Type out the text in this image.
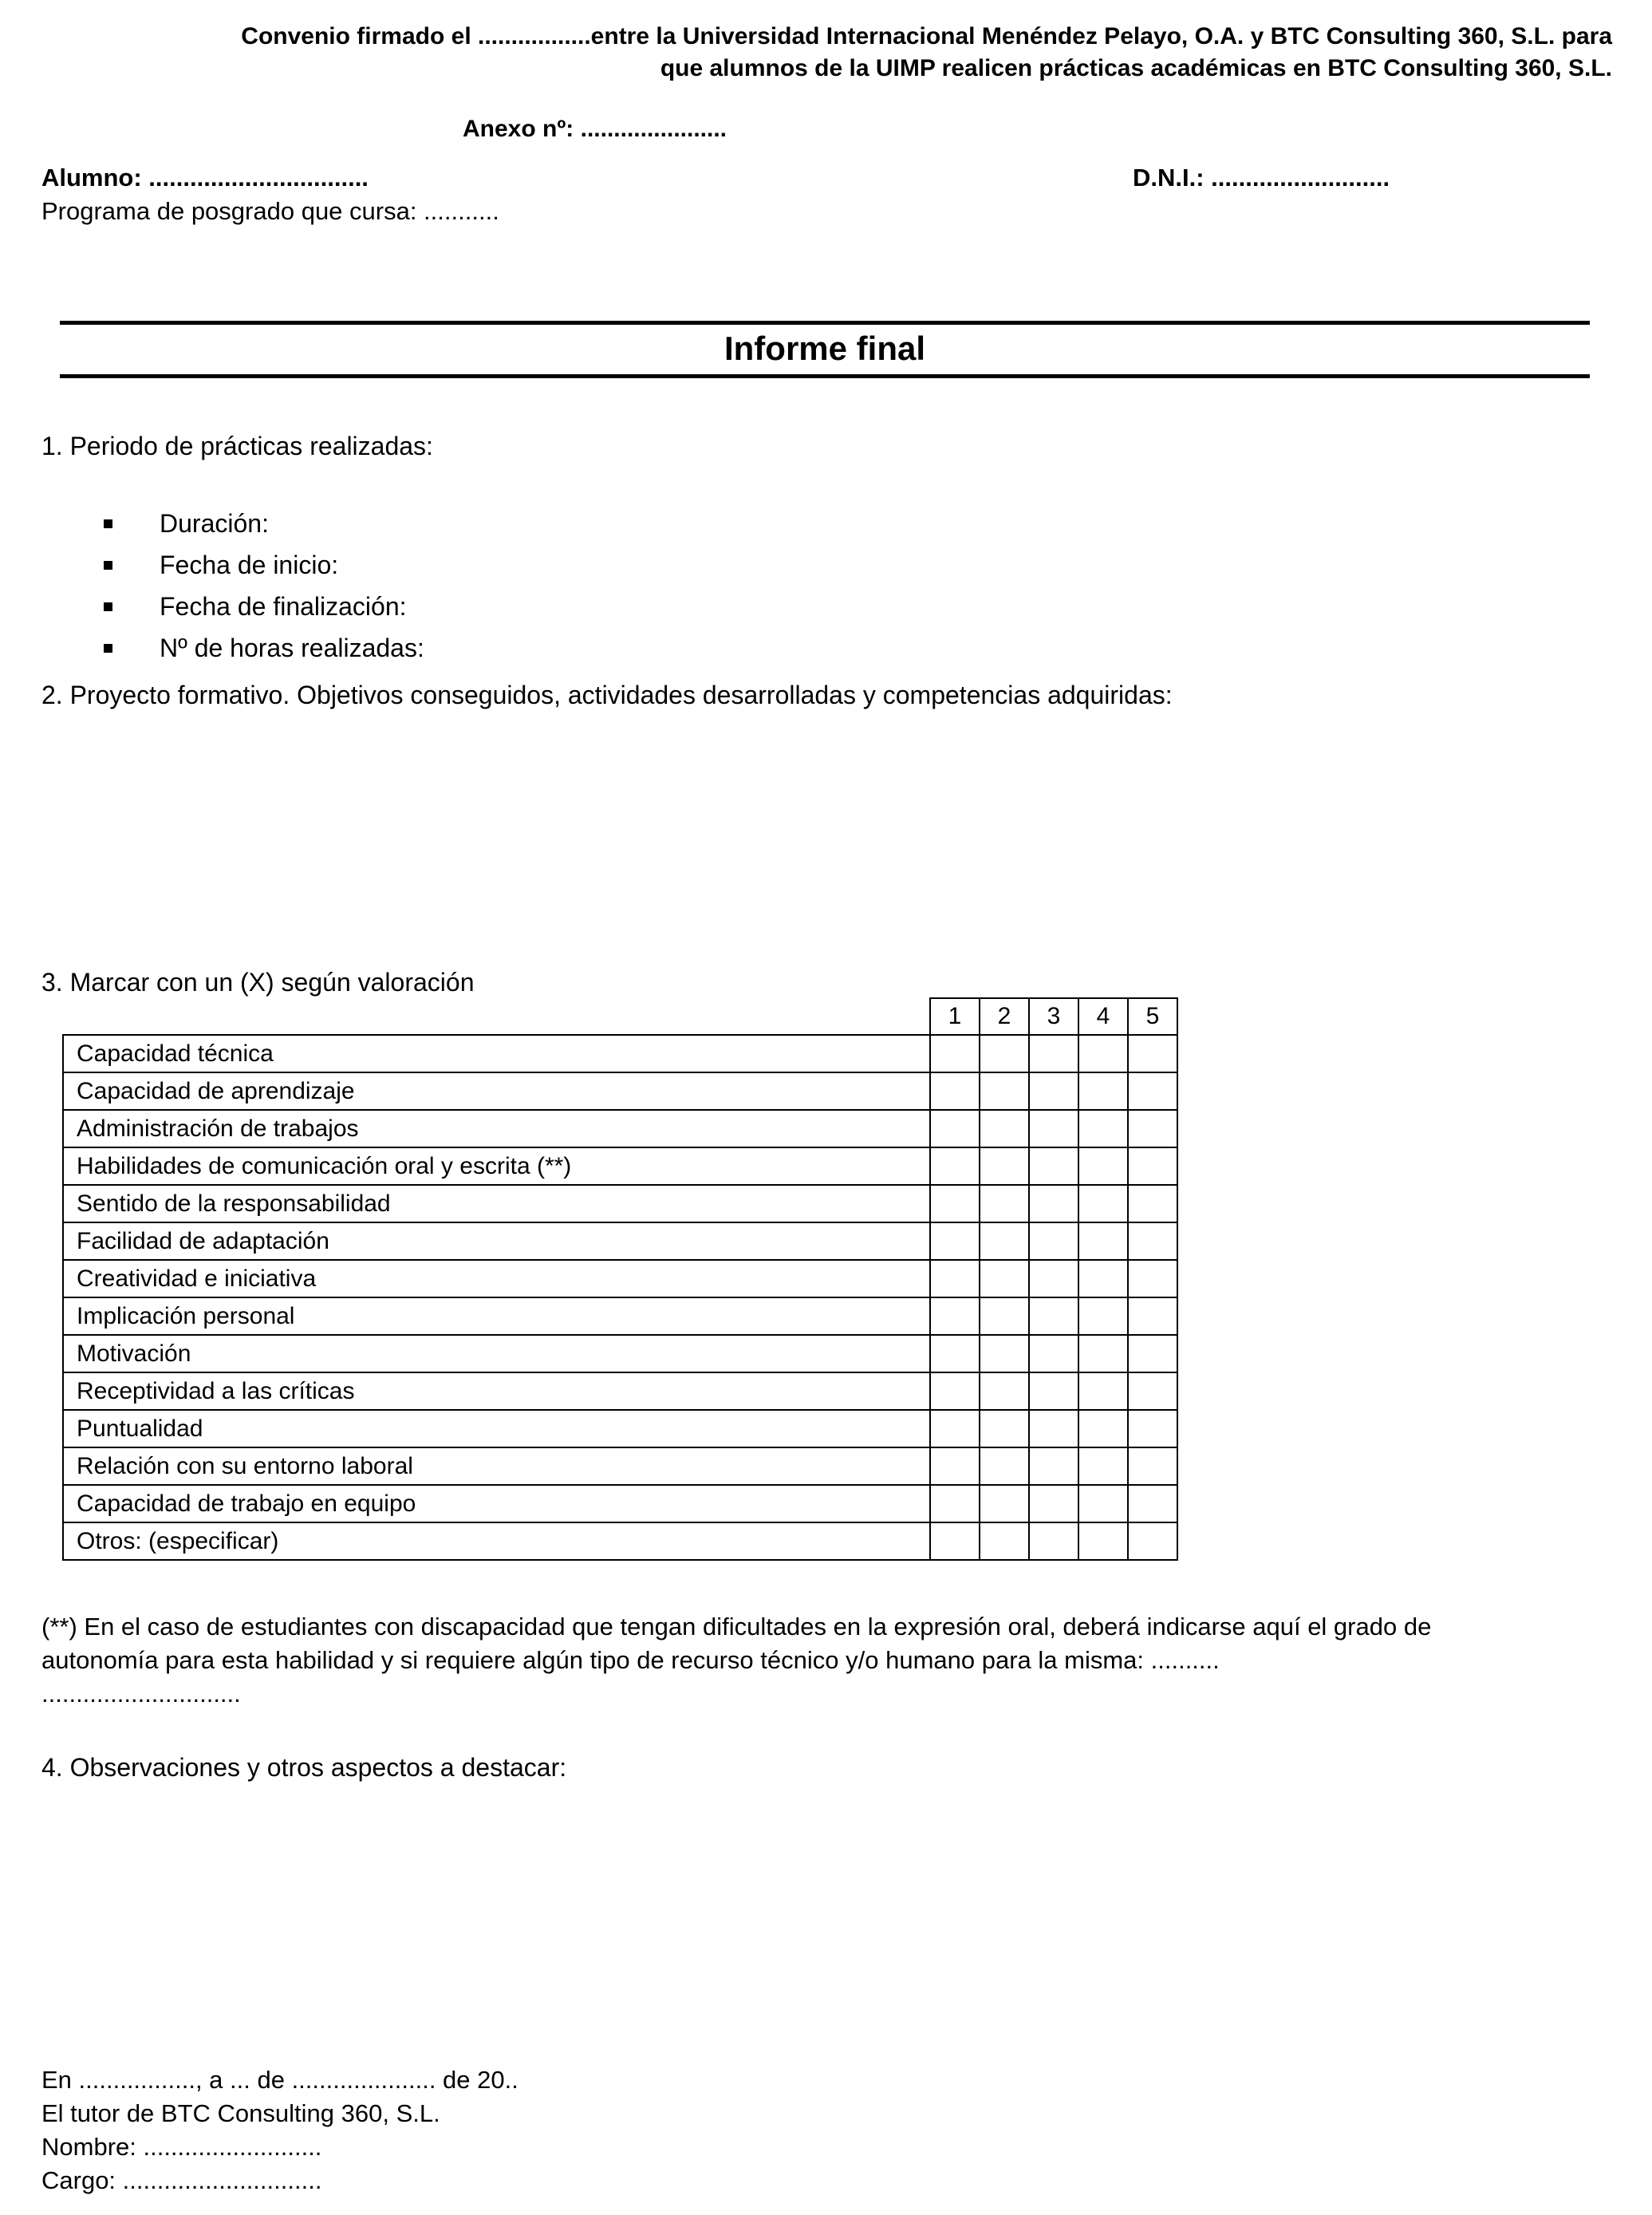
Convenio firmado el .................entre la Universidad Internacional Menéndez Pelayo, O.A. y BTC Consulting 360, S.L. para
que alumnos de la UIMP realicen prácticas académicas en BTC Consulting 360, S.L.
Anexo nº: ......................
Alumno: ................................	D.N.I.: ..........................
Programa de posgrado que cursa: ...........
Informe final
1. Periodo de prácticas realizadas:
Duración:
Fecha de inicio:
Fecha de finalización:
Nº de horas realizadas:
2. Proyecto formativo. Objetivos conseguidos, actividades desarrolladas y competencias adquiridas:
3. Marcar con un (X) según valoración
	1	2	3	4	5
Capacidad técnica					
Capacidad de aprendizaje					
Administración de trabajos					
Habilidades de comunicación oral y escrita (**)					
Sentido de la responsabilidad					
Facilidad de adaptación					
Creatividad e iniciativa					
Implicación personal					
Motivación					
Receptividad a las críticas					
Puntualidad					
Relación con su entorno laboral					
Capacidad de trabajo en equipo					
Otros: (especificar)					
(**) En el caso de estudiantes con discapacidad que tengan dificultades en la expresión oral, deberá indicarse aquí el grado de
autonomía para esta habilidad y si requiere algún tipo de recurso técnico y/o humano para la misma: ..........
.............................
4. Observaciones y otros aspectos a destacar:
En ................., a ... de ..................... de 20..
El tutor de BTC Consulting 360, S.L.
Nombre: ..........................
Cargo: .............................
